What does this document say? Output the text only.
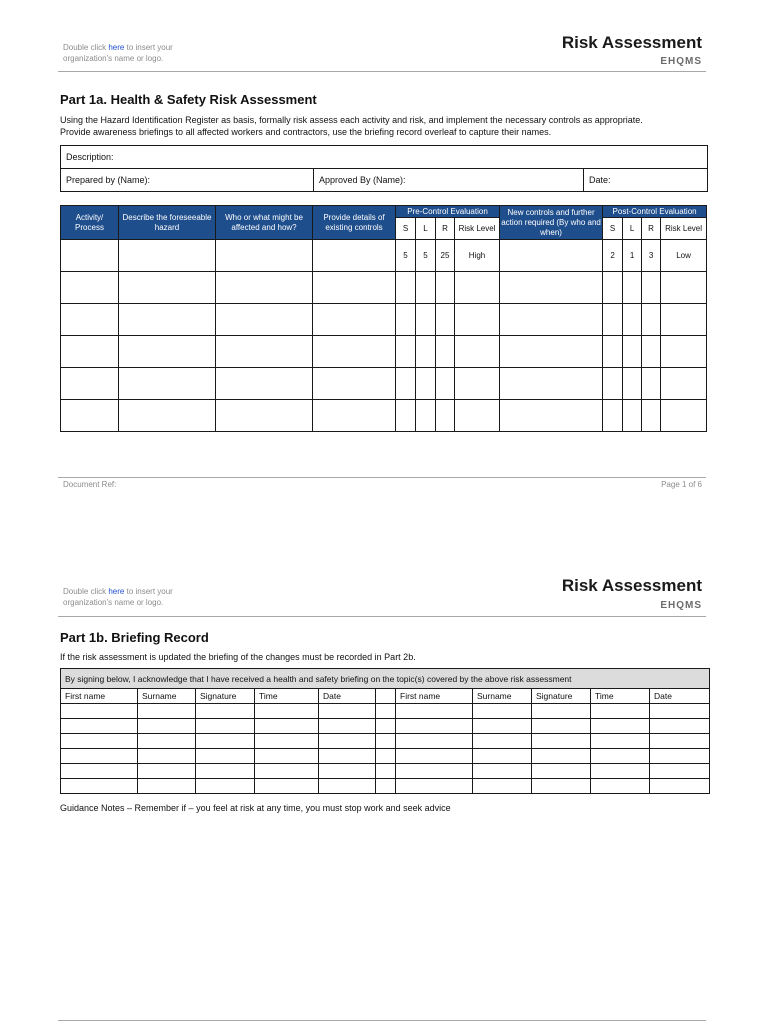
Double click here to insert your
organization's name or logo.
Risk Assessment
EHQMS
Part 1a. Health & Safety Risk Assessment
Using the Hazard Identification Register as basis, formally risk assess each activity and risk, and implement the necessary controls as appropriate.
Provide awareness briefings to all affected workers and contractors, use the briefing record overleaf to capture their names.
Description:
Prepared by (Name):	Approved By (Name):	Date:
Activity/ Process	Describe the foreseeable hazard	Who or what might be affected and how?	Provide details of existing controls	Pre-Control Evaluation				New controls and further action required (By who and when)	Post-Control Evaluation			
				S	L	R	Risk Level		S	L	R	Risk Level
				5	5	25	High		2	1	3	Low

Document Ref:	Page 1 of 6
Double click here to insert your
organization's name or logo.
Risk Assessment
EHQMS
Part 1b. Briefing Record
If the risk assessment is updated the briefing of the changes must be recorded in Part 2b.
By signing below, I acknowledge that I have received a health and safety briefing on the topic(s) covered by the above risk assessment										
First name	Surname	Signature	Time	Date		First name	Surname	Signature	Time	Date

Guidance Notes – Remember if – you feel at risk at any time, you must stop work and seek advice
